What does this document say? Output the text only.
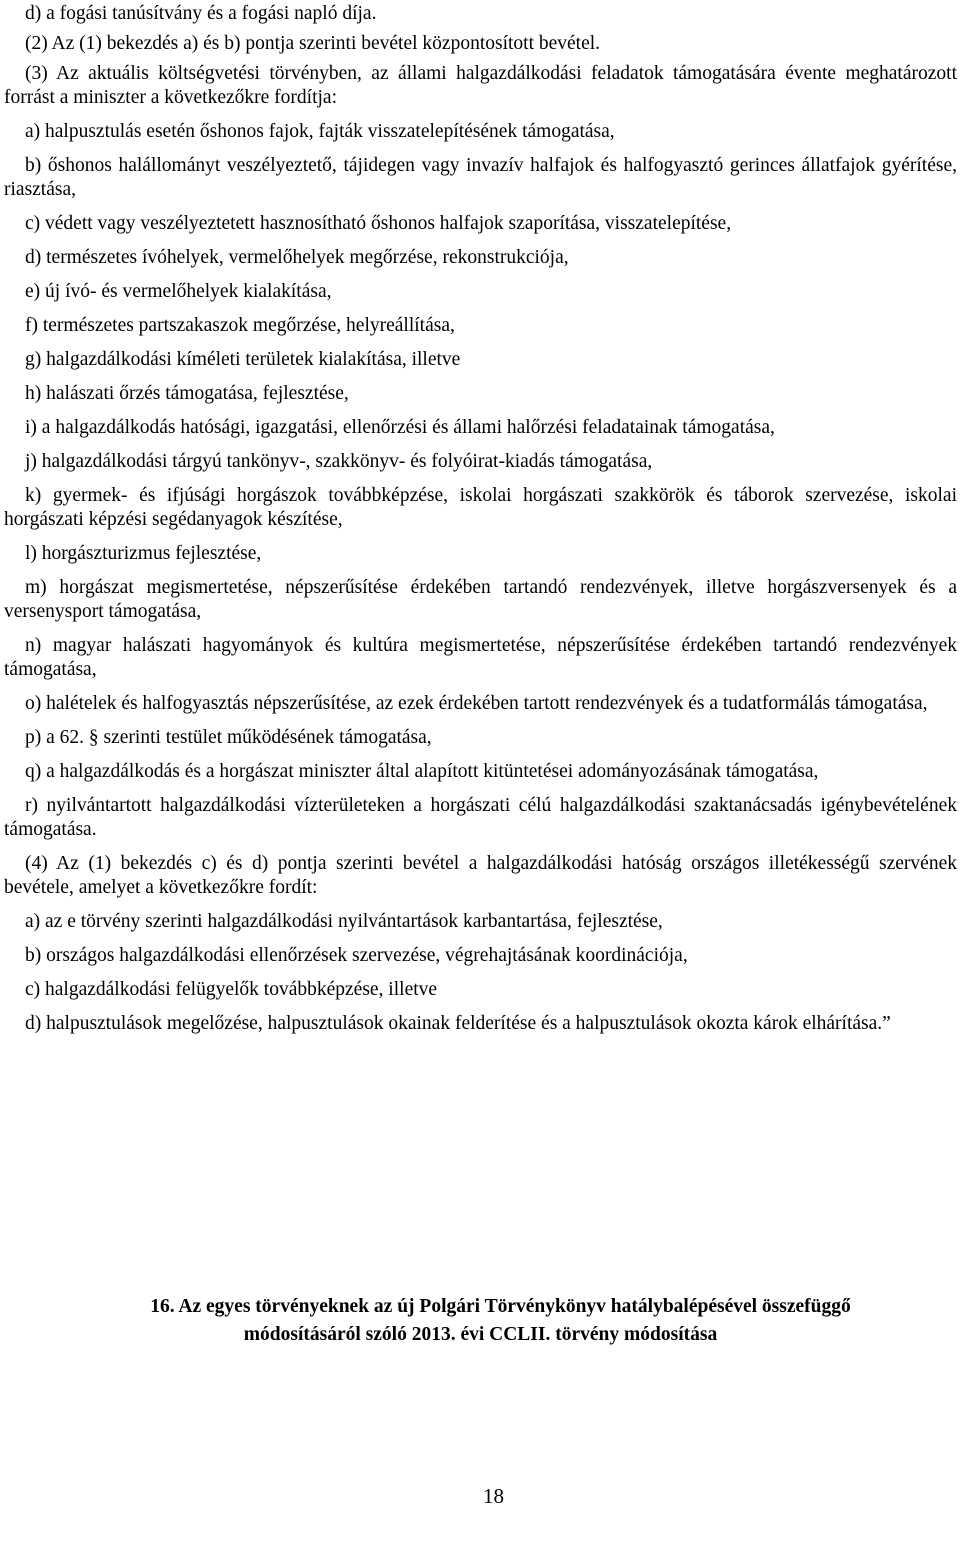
d) a fogási tanúsítvány és a fogási napló díja.

(2) Az (1) bekezdés a) és b) pontja szerinti bevétel központosított bevétel.

(3) Az aktuális költségvetési törvényben, az állami halgazdálkodási feladatok támogatására évente meghatározott forrást a miniszter a következőkre fordítja:

a) halpusztulás esetén őshonos fajok, fajták visszatelepítésének támogatása,

b) őshonos halállományt veszélyeztető, tájidegen vagy invazív halfajok és halfogyasztó gerinces állatfajok gyérítése, riasztása,

c) védett vagy veszélyeztetett hasznosítható őshonos halfajok szaporítása, visszatelepítése,

d) természetes ívóhelyek, vermelőhelyek megőrzése, rekonstrukciója,

e) új ívó- és vermelőhelyek kialakítása,

f) természetes partszakaszok megőrzése, helyreállítása,

g) halgazdálkodási kíméleti területek kialakítása, illetve

h) halászati őrzés támogatása, fejlesztése,

i) a halgazdálkodás hatósági, igazgatási, ellenőrzési és állami halőrzési feladatainak támogatása,

j) halgazdálkodási tárgyú tankönyv-, szakkönyv- és folyóirat-kiadás támogatása,

k) gyermek- és ifjúsági horgászok továbbképzése, iskolai horgászati szakkörök és táborok szervezése, iskolai horgászati képzési segédanyagok készítése,

l) horgászturizmus fejlesztése,

m) horgászat megismertetése, népszerűsítése érdekében tartandó rendezvények, illetve horgászversenyek és a versenysport támogatása,

n) magyar halászati hagyományok és kultúra megismertetése, népszerűsítése érdekében tartandó rendezvények támogatása,

o) halételek és halfogyasztás népszerűsítése, az ezek érdekében tartott rendezvények és a tudatformálás támogatása,

p) a 62. § szerinti testület működésének támogatása,

q) a halgazdálkodás és a horgászat miniszter által alapított kitüntetései adományozásának támogatása,

r) nyilvántartott halgazdálkodási vízterületeken a horgászati célú halgazdálkodási szaktanácsadás igénybevételének támogatása.

(4) Az (1) bekezdés c) és d) pontja szerinti bevétel a halgazdálkodási hatóság országos illetékességű szervének bevétele, amelyet a következőkre fordít:

a) az e törvény szerinti halgazdálkodási nyilvántartások karbantartása, fejlesztése,

b) országos halgazdálkodási ellenőrzések szervezése, végrehajtásának koordinációja,

c) halgazdálkodási felügyelők továbbképzése, illetve

d) halpusztulások megelőzése, halpusztulások okainak felderítése és a halpusztulások okozta károk elhárítása.”

16. Az egyes törvényeknek az új Polgári Törvénykönyv hatálybalépésével összefüggő
módosításáról szóló 2013. évi CCLII. törvény módosítása
18
